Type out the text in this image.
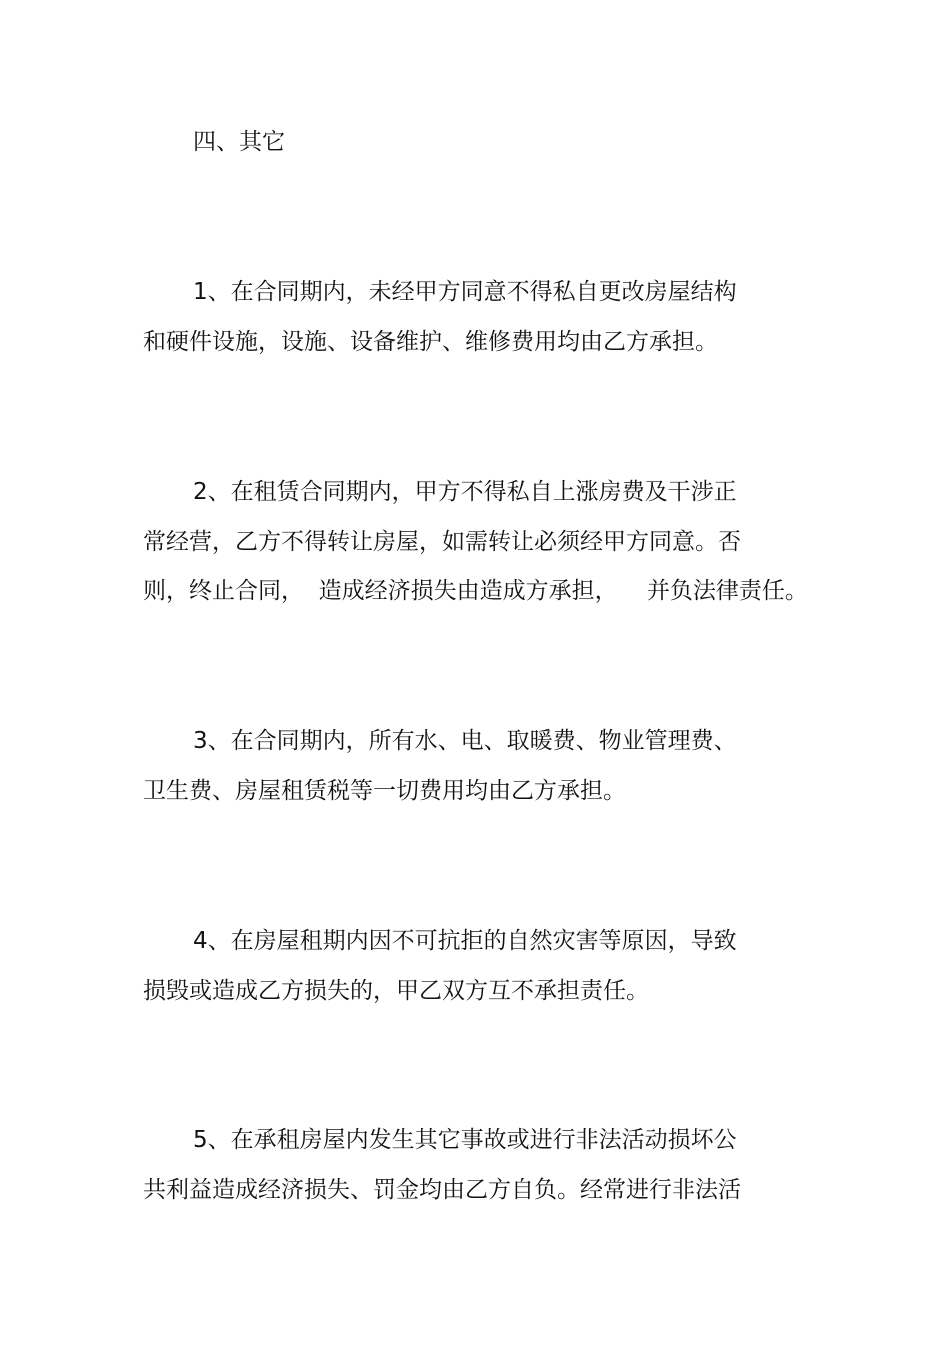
四、其它
1、在合同期内，未经甲方同意不得私自更改房屋结构
和硬件设施，设施、设备维护、维修费用均由乙方承担。
2、在租赁合同期内，甲方不得私自上涨房费及干涉正
常经营，乙方不得转让房屋，如需转让必须经甲方同意。否
则，终止合同，  造成经济损失由造成方承担，    并负法律责任。
3、在合同期内，所有水、电、取暖费、物业管理费、
卫生费、房屋租赁税等一切费用均由乙方承担。
4、在房屋租期内因不可抗拒的自然灾害等原因，导致
损毁或造成乙方损失的，甲乙双方互不承担责任。
5、在承租房屋内发生其它事故或进行非法活动损坏公
共利益造成经济损失、罚金均由乙方自负。经常进行非法活
